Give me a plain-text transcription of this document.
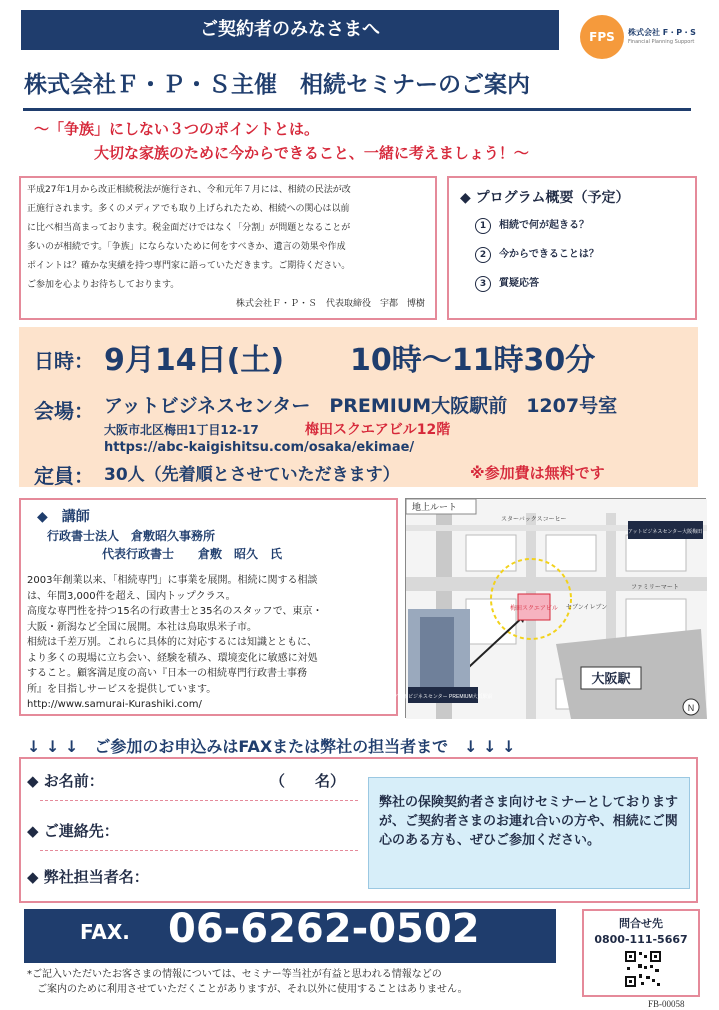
ご契約者のみなさまへ	FPS	株式会社 F・P・S
Financial Planning Support
株式会社Ｆ・Ｐ・Ｓ主催　相続セミナーのご案内
～「争族」にしない３つのポイントとは。
大切な家族のために今からできること、一緒に考えましょう！～
平成27年1月から改正相続税法が施行され、令和元年７月には、相続の民法が改
正施行されます。多くのメディアでも取り上げられたため、相続への関心は以前
に比べ相当高まっております。税金面だけではなく「分割」が問題となることが
多いのが相続です。「争族」にならないために何をすべきか、遺言の効果や作成
ポイントは？確かな実績を持つ専門家に語っていただきます。ご期待ください。
ご参加を心よりお待ちしております。
株式会社Ｆ・Ｐ・Ｓ　代表取締役　宇都　博樹
◆ プログラム概要（予定）
1 相続で何が起きる？
2 今からできることは？
3 質疑応答
日時： 9月14日(土) 10時～11時30分
会場： アットビジネスセンター　PREMIUM大阪駅前　1207号室
大阪市北区梅田1丁目12-17	梅田スクエアビル12階
https://abc-kaigishitsu.com/osaka/ekimae/
定員： 30人（先着順とさせていただきます）	※参加費は無料です
◆　講師
行政書士法人　倉敷昭久事務所
代表行政書士　　倉敷　昭久　氏
2003年創業以来、「相続専門」に事業を展開。相続に関する相談
は、年間3,000件を超え、国内トップクラス。
高度な専門性を持つ15名の行政書士と35名のスタッフで、東京・
大阪・新潟など全国に展開。本社は鳥取県米子市。
相続は千差万別。これらに具体的に対応するには知識とともに、
より多くの現場に立ち会い、経験を積み、環境変化に敏感に対処
すること。顧客満足度の高い『日本一の相続専門行政書士事務
所』を目指しサービスを提供しています。
http://www.samurai-Kurashiki.com/
大阪駅
梅田スクエアビル
地上ルート
アットビジネスセンター大阪梅田
スターバックスコーヒー
ファミリーマート
セブンイレブン
アットビジネスセンター PREMIUM大阪駅前
N
↓ ↓ ↓　ご参加のお申込みはFAXまたは弊社の担当者まで　↓ ↓ ↓
◆ お名前：	（　　名）
◆ ご連絡先：
◆ 弊社担当者名：
弊社の保険契約者さま向けセミナーとしておりますが、ご契約者さまのお連れ合いの方や、相続にご関心のある方も、ぜひご参加ください。
FAX. 06-6262-0502	問合せ先
0800-111-5667
*ご記入いただいたお客さまの情報については、セミナー等当社が有益と思われる情報などの
　ご案内のために利用させていただくことがありますが、それ以外に使用することはありません。
FB-00058
